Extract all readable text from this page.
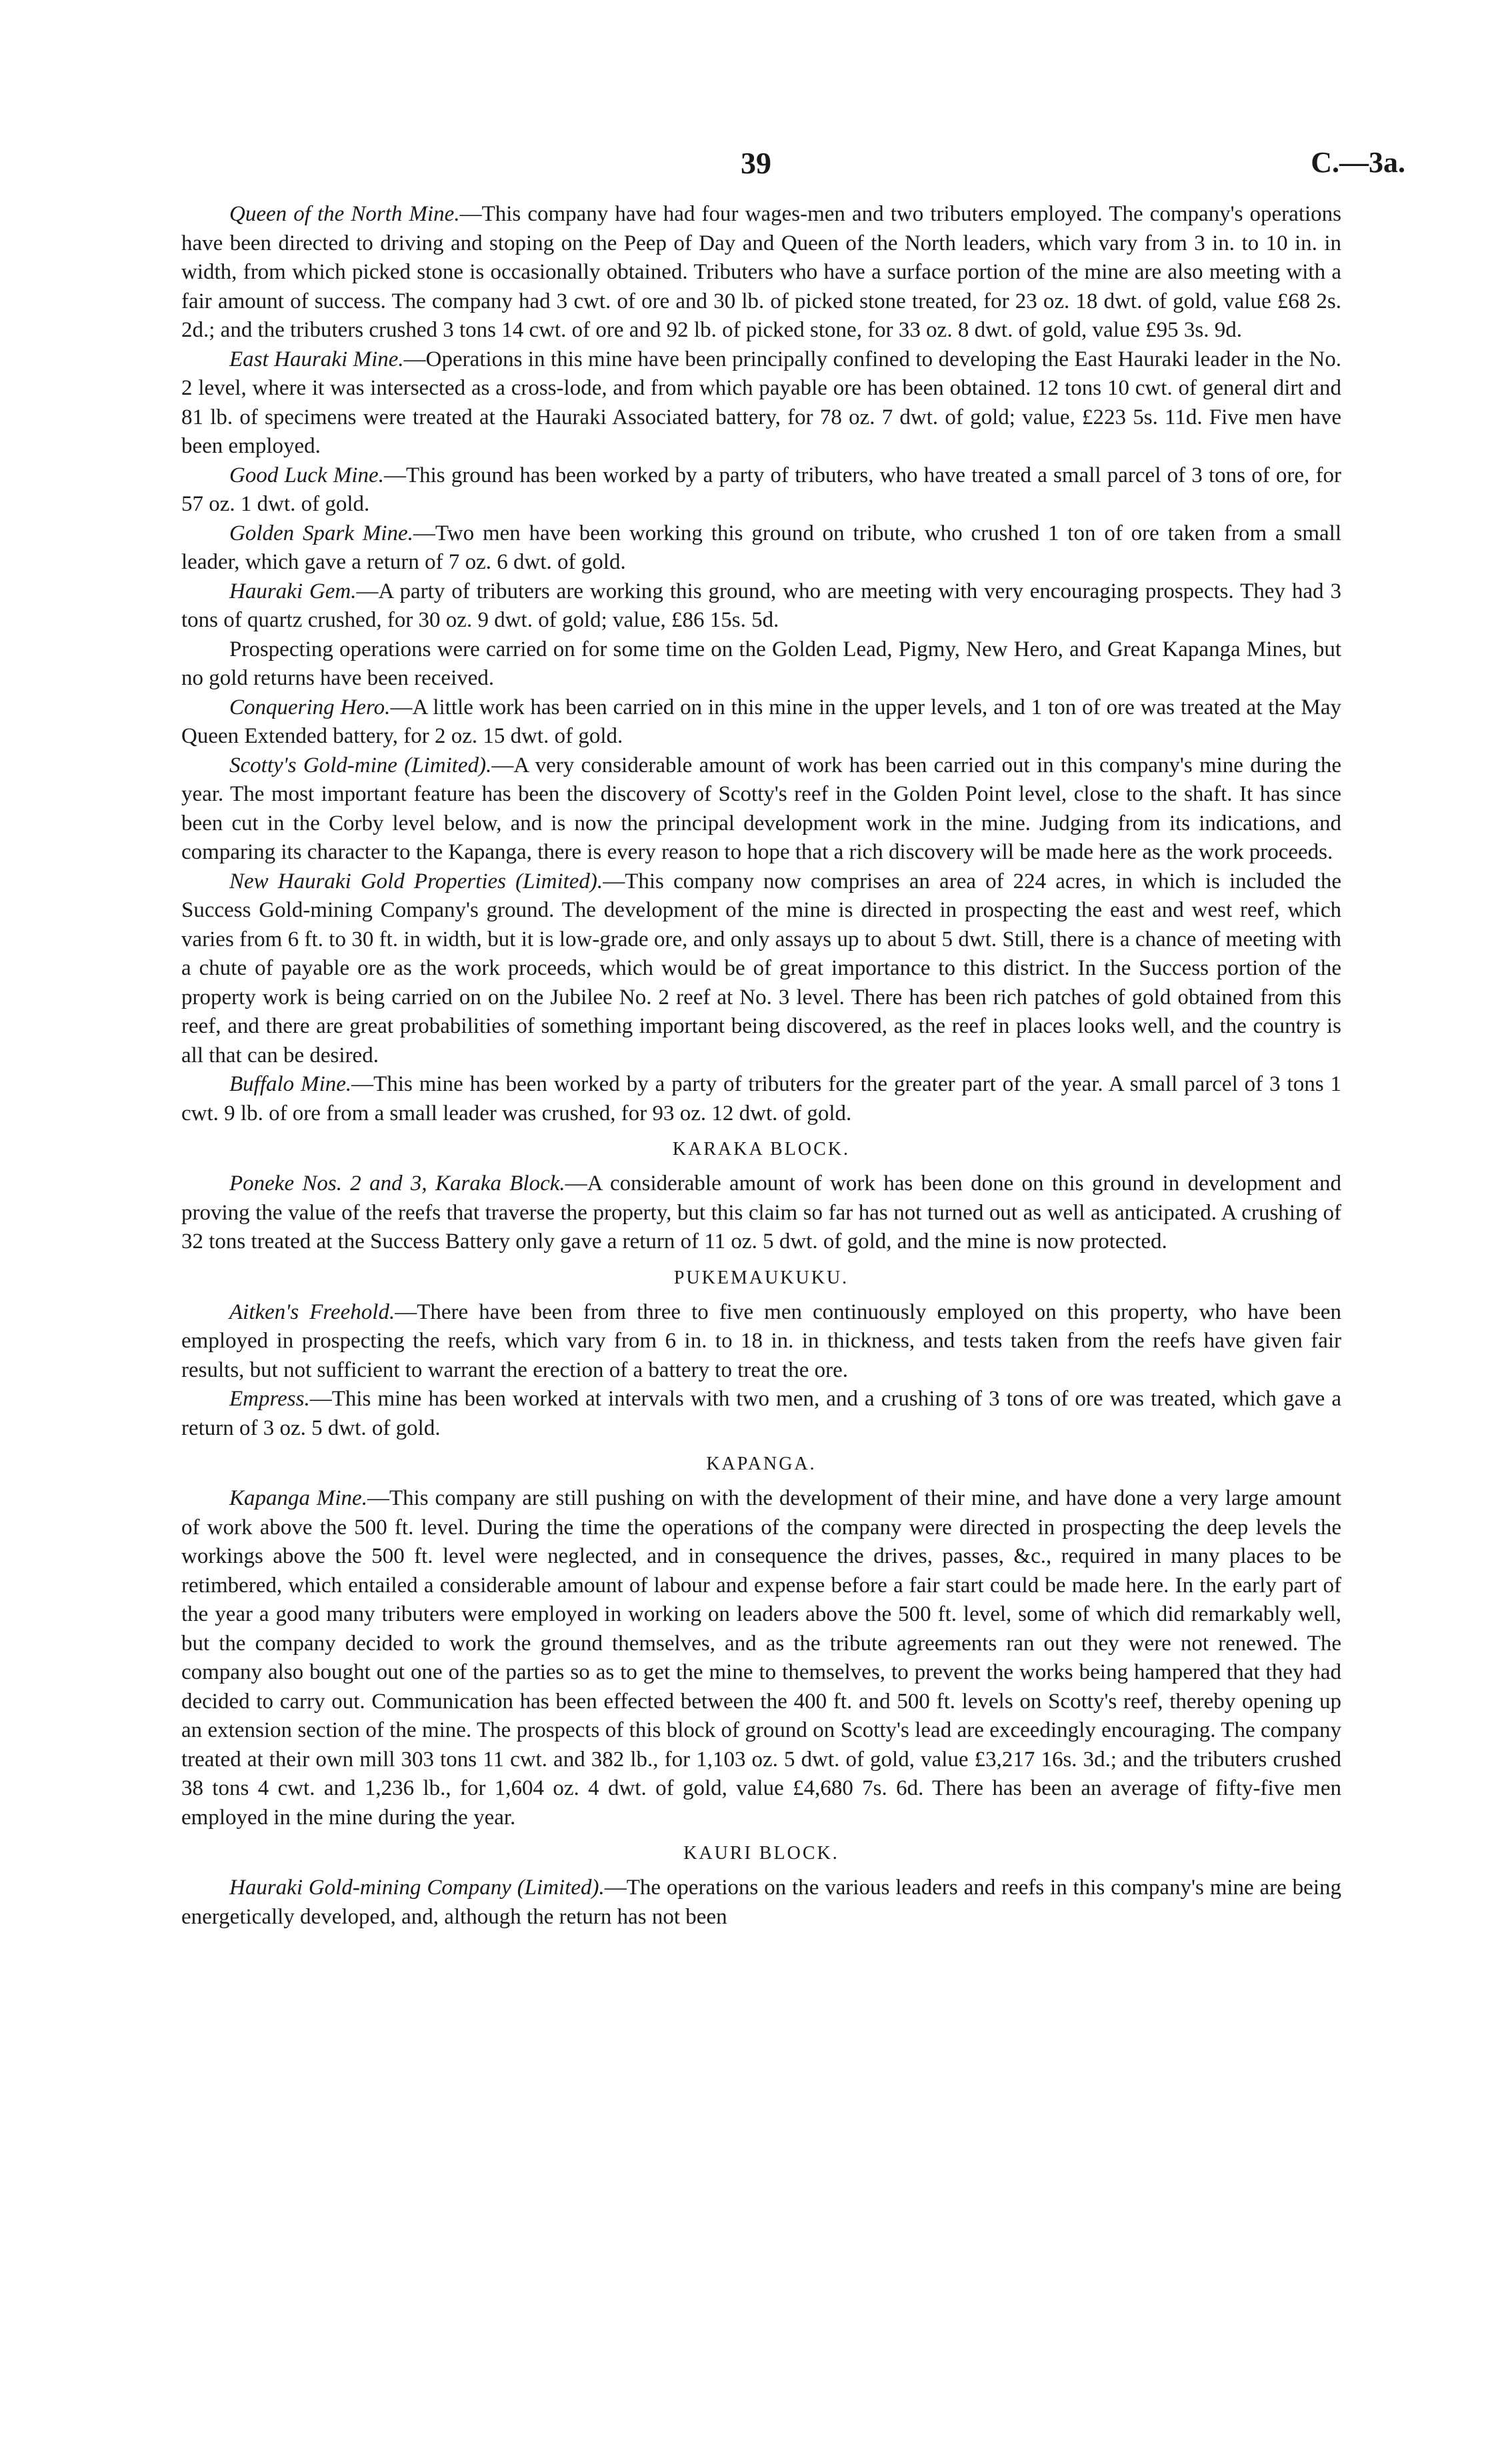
39	C.—3a.

Queen of the North Mine.—This company have had four wages-men and two tributers employed. The company's operations have been directed to driving and stoping on the Peep of Day and Queen of the North leaders, which vary from 3 in. to 10 in. in width, from which picked stone is occasionally obtained. Tributers who have a surface portion of the mine are also meeting with a fair amount of success. The company had 3 cwt. of ore and 30 lb. of picked stone treated, for 23 oz. 18 dwt. of gold, value £68 2s. 2d.; and the tributers crushed 3 tons 14 cwt. of ore and 92 lb. of picked stone, for 33 oz. 8 dwt. of gold, value £95 3s. 9d.

East Hauraki Mine.—Operations in this mine have been principally confined to developing the East Hauraki leader in the No. 2 level, where it was intersected as a cross-lode, and from which payable ore has been obtained. 12 tons 10 cwt. of general dirt and 81 lb. of specimens were treated at the Hauraki Associated battery, for 78 oz. 7 dwt. of gold; value, £223 5s. 11d. Five men have been employed.

Good Luck Mine.—This ground has been worked by a party of tributers, who have treated a small parcel of 3 tons of ore, for 57 oz. 1 dwt. of gold.

Golden Spark Mine.—Two men have been working this ground on tribute, who crushed 1 ton of ore taken from a small leader, which gave a return of 7 oz. 6 dwt. of gold.

Hauraki Gem.—A party of tributers are working this ground, who are meeting with very encouraging prospects. They had 3 tons of quartz crushed, for 30 oz. 9 dwt. of gold; value, £86 15s. 5d.

Prospecting operations were carried on for some time on the Golden Lead, Pigmy, New Hero, and Great Kapanga Mines, but no gold returns have been received.

Conquering Hero.—A little work has been carried on in this mine in the upper levels, and 1 ton of ore was treated at the May Queen Extended battery, for 2 oz. 15 dwt. of gold.

Scotty's Gold-mine (Limited).—A very considerable amount of work has been carried out in this company's mine during the year. The most important feature has been the discovery of Scotty's reef in the Golden Point level, close to the shaft. It has since been cut in the Corby level below, and is now the principal development work in the mine. Judging from its indications, and comparing its character to the Kapanga, there is every reason to hope that a rich discovery will be made here as the work proceeds.

New Hauraki Gold Properties (Limited).—This company now comprises an area of 224 acres, in which is included the Success Gold-mining Company's ground. The development of the mine is directed in prospecting the east and west reef, which varies from 6 ft. to 30 ft. in width, but it is low-grade ore, and only assays up to about 5 dwt. Still, there is a chance of meeting with a chute of payable ore as the work proceeds, which would be of great importance to this district. In the Success portion of the property work is being carried on on the Jubilee No. 2 reef at No. 3 level. There has been rich patches of gold obtained from this reef, and there are great probabilities of something important being discovered, as the reef in places looks well, and the country is all that can be desired.

Buffalo Mine.—This mine has been worked by a party of tributers for the greater part of the year. A small parcel of 3 tons 1 cwt. 9 lb. of ore from a small leader was crushed, for 93 oz. 12 dwt. of gold.

KARAKA BLOCK.

Poneke Nos. 2 and 3, Karaka Block.—A considerable amount of work has been done on this ground in development and proving the value of the reefs that traverse the property, but this claim so far has not turned out as well as anticipated. A crushing of 32 tons treated at the Success Battery only gave a return of 11 oz. 5 dwt. of gold, and the mine is now protected.

PUKEMAUKUKU.

Aitken's Freehold.—There have been from three to five men continuously employed on this property, who have been employed in prospecting the reefs, which vary from 6 in. to 18 in. in thickness, and tests taken from the reefs have given fair results, but not sufficient to warrant the erection of a battery to treat the ore.

Empress.—This mine has been worked at intervals with two men, and a crushing of 3 tons of ore was treated, which gave a return of 3 oz. 5 dwt. of gold.

KAPANGA.

Kapanga Mine.—This company are still pushing on with the development of their mine, and have done a very large amount of work above the 500 ft. level. During the time the operations of the company were directed in prospecting the deep levels the workings above the 500 ft. level were neglected, and in consequence the drives, passes, &c., required in many places to be retimbered, which entailed a considerable amount of labour and expense before a fair start could be made here. In the early part of the year a good many tributers were employed in working on leaders above the 500 ft. level, some of which did remarkably well, but the company decided to work the ground themselves, and as the tribute agreements ran out they were not renewed. The company also bought out one of the parties so as to get the mine to themselves, to prevent the works being hampered that they had decided to carry out. Communication has been effected between the 400 ft. and 500 ft. levels on Scotty's reef, thereby opening up an extension section of the mine. The prospects of this block of ground on Scotty's lead are exceedingly encouraging. The company treated at their own mill 303 tons 11 cwt. and 382 lb., for 1,103 oz. 5 dwt. of gold, value £3,217 16s. 3d.; and the tributers crushed 38 tons 4 cwt. and 1,236 lb., for 1,604 oz. 4 dwt. of gold, value £4,680 7s. 6d. There has been an average of fifty-five men employed in the mine during the year.

KAURI BLOCK.

Hauraki Gold-mining Company (Limited).—The operations on the various leaders and reefs in this company's mine are being energetically developed, and, although the return has not been
